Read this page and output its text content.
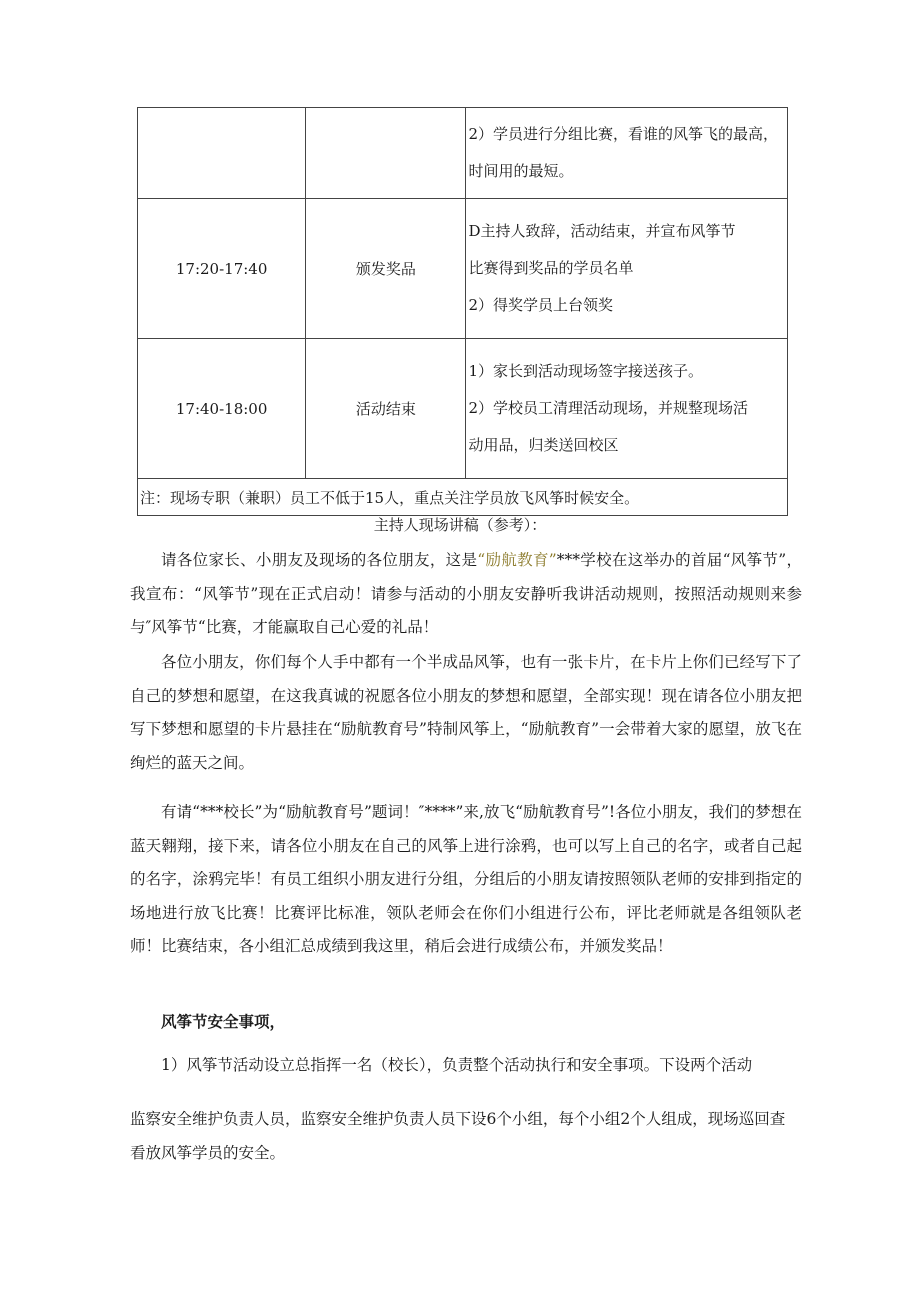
		2）学员进行分组比赛，看谁的风筝飞的最高，

时间用的最短。

17:20-17:40	颁发奖品	D主持人致辞，活动结束，并宣布风筝节

比赛得到奖品的学员名单

2）得奖学员上台领奖

17:40-18:00	活动结束	1）家长到活动现场签字接送孩子。

2）学校员工清理活动现场，并规整现场活

动用品，归类送回校区

注：现场专职（兼职）员工不低于15人，重点关注学员放飞风筝时候安全。		
主持人现场讲稿（参考）：

请各位家长、小朋友及现场的各位朋友，这是“励航教育”***学校在这举办的首届“风筝节”，我宣布：“风筝节”现在正式启动！请参与活动的小朋友安静听我讲活动规则，按照活动规则来参与″风筝节“比赛，才能赢取自己心爱的礼品！

各位小朋友，你们每个人手中都有一个半成品风筝，也有一张卡片，在卡片上你们已经写下了自己的梦想和愿望，在这我真诚的祝愿各位小朋友的梦想和愿望，全部实现！现在请各位小朋友把写下梦想和愿望的卡片悬挂在“励航教育号”特制风筝上，“励航教育”一会带着大家的愿望，放飞在绚烂的蓝天之间。

有请“***校长”为“励航教育号”题词！″****”来,放飞“励航教育号”!各位小朋友，我们的梦想在蓝天翱翔，接下来，请各位小朋友在自己的风筝上进行涂鸦，也可以写上自己的名字，或者自己起的名字，涂鸦完毕！有员工组织小朋友进行分组，分组后的小朋友请按照领队老师的安排到指定的场地进行放飞比赛！比赛评比标准，领队老师会在你们小组进行公布，评比老师就是各组领队老师！比赛结束，各小组汇总成绩到我这里，稍后会进行成绩公布，并颁发奖品！

风筝节安全事项，

1）风筝节活动设立总指挥一名（校长），负责整个活动执行和安全事项。下设两个活动

监察安全维护负责人员，监察安全维护负责人员下设6个小组，每个小组2个人组成，现场巡回查

看放风筝学员的安全。
